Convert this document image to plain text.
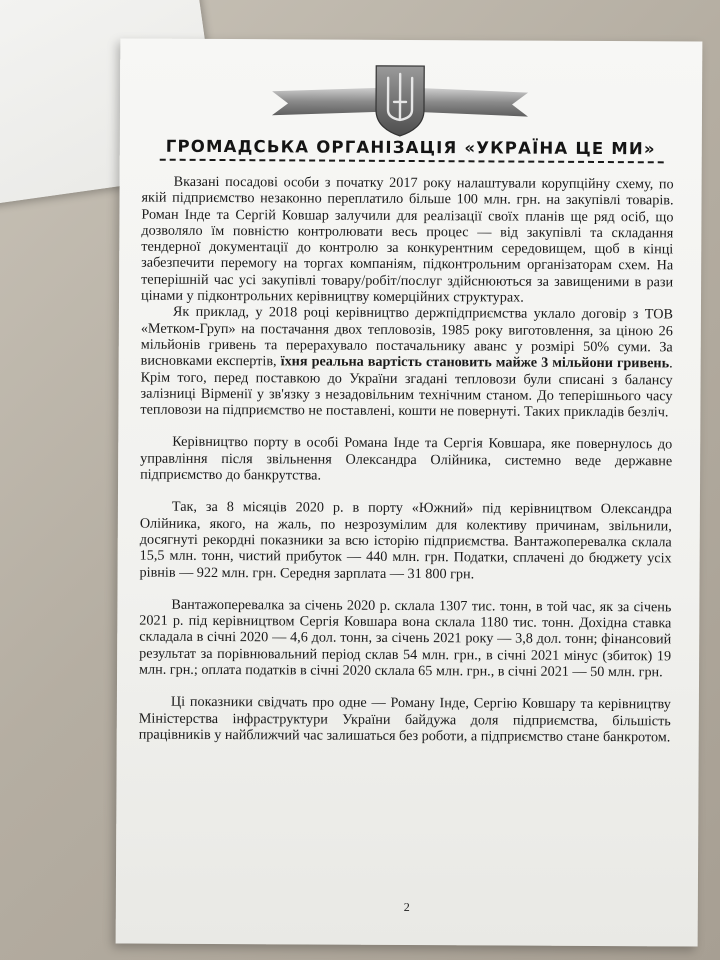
ГРОМАДСЬКА ОРГАНІЗАЦІЯ «УКРАЇНА ЦЕ МИ»

Вказані посадові особи з початку 2017 року налаштували корупційну схему, по якій підприємство незаконно переплатило більше 100 млн. грн. на закупівлі товарів. Роман Інде та Сергій Ковшар залучили для реалізації своїх планів ще ряд осіб, що дозволяло їм повністю контролювати весь процес — від закупівлі та складання тендерної документації до контролю за конкурентним середовищем, щоб в кінці забезпечити перемогу на торгах компаніям, підконтрольним організаторам схем. На теперішній час усі закупівлі товару/робіт/послуг здійснюються за завищеними в рази цінами у підконтрольних керівництву комерційних структурах.

Як приклад, у 2018 році керівництво держпідприємства уклало договір з ТОВ «Метком-Груп» на постачання двох тепловозів, 1985 року виготовлення, за ціною 26 мільйонів гривень та перерахувало постачальнику аванс у розмірі 50% суми. За висновками експертів, їхня реальна вартість становить майже 3 мільйони гривень. Крім того, перед поставкою до України згадані тепловози були списані з балансу залізниці Вірменії у зв'язку з незадовільним технічним станом. До теперішнього часу тепловози на підприємство не поставлені, кошти не повернуті. Таких прикладів безліч.

Керівництво порту в особі Романа Інде та Сергія Ковшара, яке повернулось до управління після звільнення Олександра Олійника, системно веде державне підприємство до банкрутства.

Так, за 8 місяців 2020 р. в порту «Южний» під керівництвом Олександра Олійника, якого, на жаль, по незрозумілим для колективу причинам, звільнили, досягнуті рекордні показники за всю історію підприємства. Вантажоперевалка склала 15,5 млн. тонн, чистий прибуток — 440 млн. грн. Податки, сплачені до бюджету усіх рівнів — 922 млн. грн. Середня зарплата — 31 800 грн.

Вантажоперевалка за січень 2020 р. склала 1307 тис. тонн, в той час, як за січень 2021 р. під керівництвом Сергія Ковшара вона склала 1180 тис. тонн. Дохідна ставка складала в січні 2020 — 4,6 дол. тонн, за січень 2021 року — 3,8 дол. тонн; фінансовий результат за порівнювальний період склав 54 млн. грн., в січні 2021 мінус (збиток) 19 млн. грн.; оплата податків в січні 2020 склала 65 млн. грн., в січні 2021 — 50 млн. грн.

Ці показники свідчать про одне — Роману Інде, Сергію Ковшару та керівництву Міністерства інфраструктури України байдужа доля підприємства, більшість працівників у найближчий час залишаться без роботи, а підприємство стане банкротом.

2
